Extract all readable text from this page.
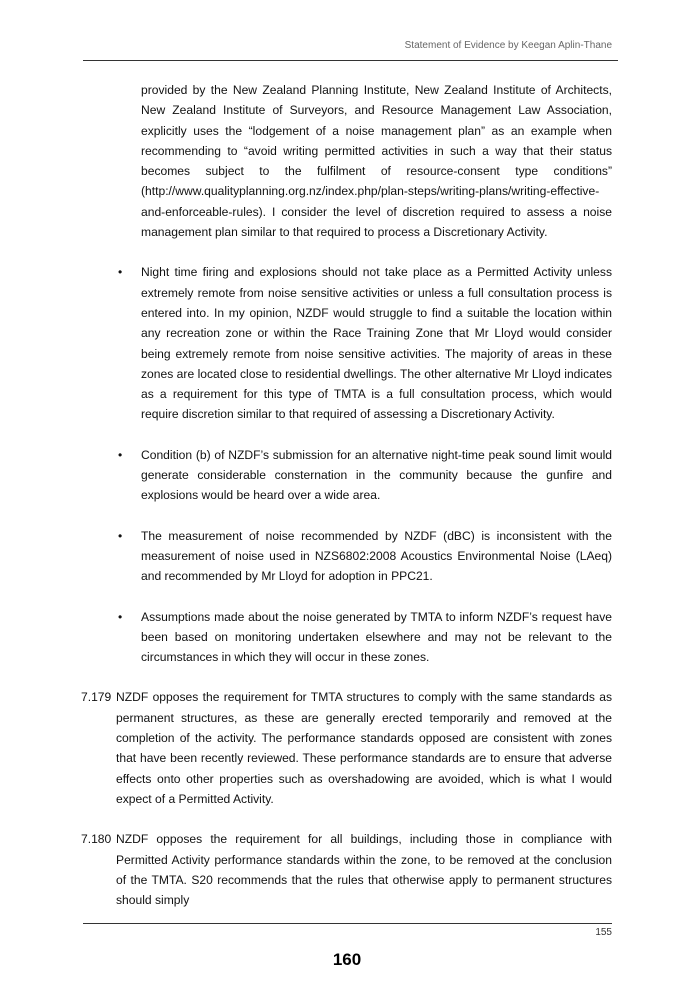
Statement of Evidence by Keegan Aplin-Thane

provided by the New Zealand Planning Institute, New Zealand Institute of Architects, New Zealand Institute of Surveyors, and Resource Management Law Association, explicitly uses the “lodgement of a noise management plan” as an example when recommending to “avoid writing permitted activities in such a way that their status becomes subject to the fulfilment of resource-consent type conditions” (http://www.qualityplanning.org.nz/index.php/plan-steps/writing-plans/writing-effective-and-enforceable-rules). I consider the level of discretion required to assess a noise management plan similar to that required to process a Discretionary Activity.

• Night time firing and explosions should not take place as a Permitted Activity unless extremely remote from noise sensitive activities or unless a full consultation process is entered into. In my opinion, NZDF would struggle to find a suitable the location within any recreation zone or within the Race Training Zone that Mr Lloyd would consider being extremely remote from noise sensitive activities. The majority of areas in these zones are located close to residential dwellings. The other alternative Mr Lloyd indicates as a requirement for this type of TMTA is a full consultation process, which would require discretion similar to that required of assessing a Discretionary Activity.

• Condition (b) of NZDF’s submission for an alternative night-time peak sound limit would generate considerable consternation in the community because the gunfire and explosions would be heard over a wide area.

• The measurement of noise recommended by NZDF (dBC) is inconsistent with the measurement of noise used in NZS6802:2008 Acoustics Environmental Noise (LAeq) and recommended by Mr Lloyd for adoption in PPC21.

• Assumptions made about the noise generated by TMTA to inform NZDF’s request have been based on monitoring undertaken elsewhere and may not be relevant to the circumstances in which they will occur in these zones.

7.179 NZDF opposes the requirement for TMTA structures to comply with the same standards as permanent structures, as these are generally erected temporarily and removed at the completion of the activity. The performance standards opposed are consistent with zones that have been recently reviewed. These performance standards are to ensure that adverse effects onto other properties such as overshadowing are avoided, which is what I would expect of a Permitted Activity.

7.180 NZDF opposes the requirement for all buildings, including those in compliance with Permitted Activity performance standards within the zone, to be removed at the conclusion of the TMTA. S20 recommends that the rules that otherwise apply to permanent structures should simply

155
160
